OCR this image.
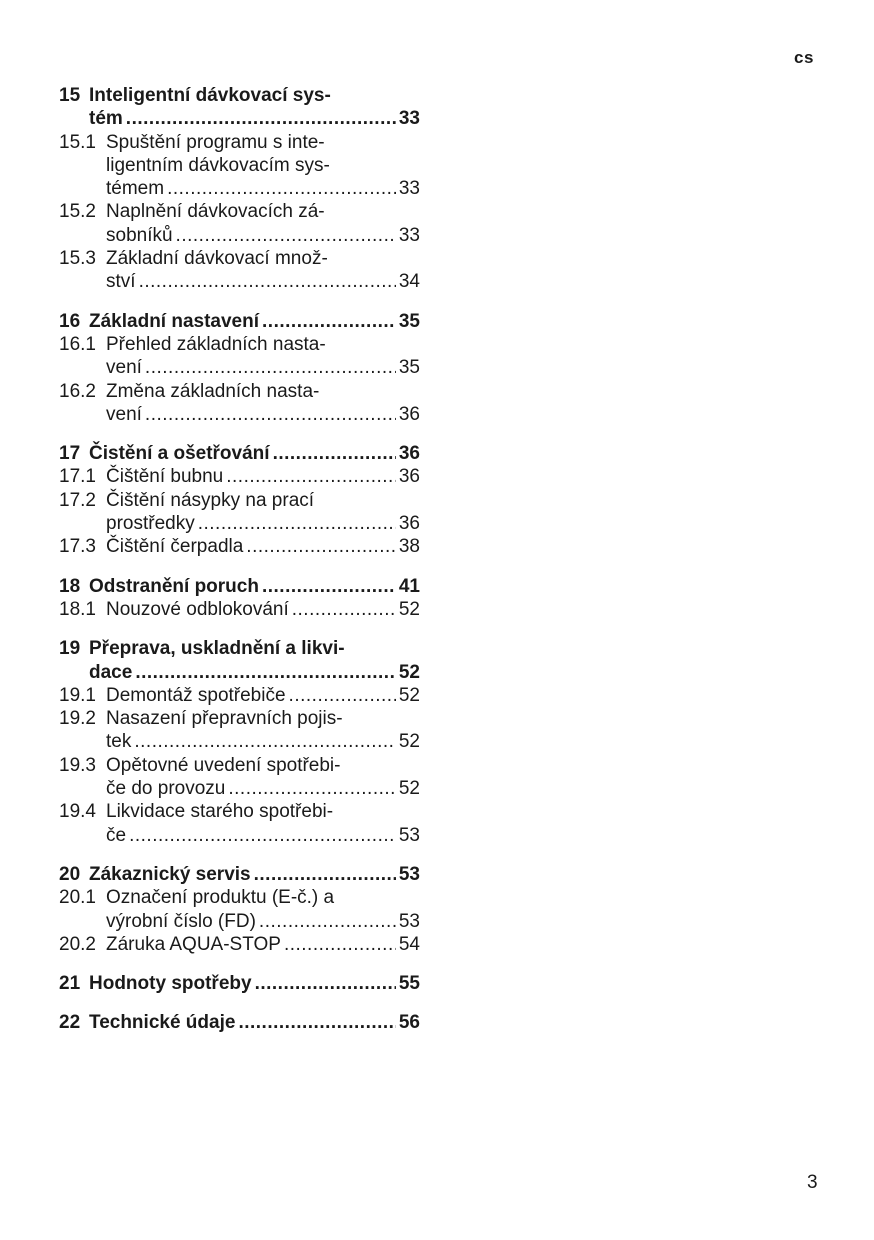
cs
15 Inteligentní dávkovací sys-
tém .....	33
15.1 Spuštění programu s inte-
ligentním dávkovacím sys-
témem .....	33
15.2 Naplnění dávkovacích zá-
sobníků .....	33
15.3 Základní dávkovací množ-
ství .....	34
16 Základní nastavení .....	35
16.1 Přehled základních nasta-
vení .....	35
16.2 Změna základních nasta-
vení .....	36
17 Čistění a ošetřování .....	36
17.1 Čištění bubnu .....	36
17.2 Čištění násypky na prací
prostředky .....	36
17.3 Čištění čerpadla .....	38
18 Odstranění poruch .....	41
18.1 Nouzové odblokování .....	52
19 Přeprava, uskladnění a likvi-
dace .....	52
19.1 Demontáž spotřebiče .....	52
19.2 Nasazení přepravních pojis-
tek .....	52
19.3 Opětovné uvedení spotřebi-
če do provozu .....	52
19.4 Likvidace starého spotřebi-
če .....	53
20 Zákaznický servis .....	53
20.1 Označení produktu (E-č.) a
výrobní číslo (FD) .....	53
20.2 Záruka AQUA-STOP .....	54
21 Hodnoty spotřeby .....	55
22 Technické údaje .....	56
3
